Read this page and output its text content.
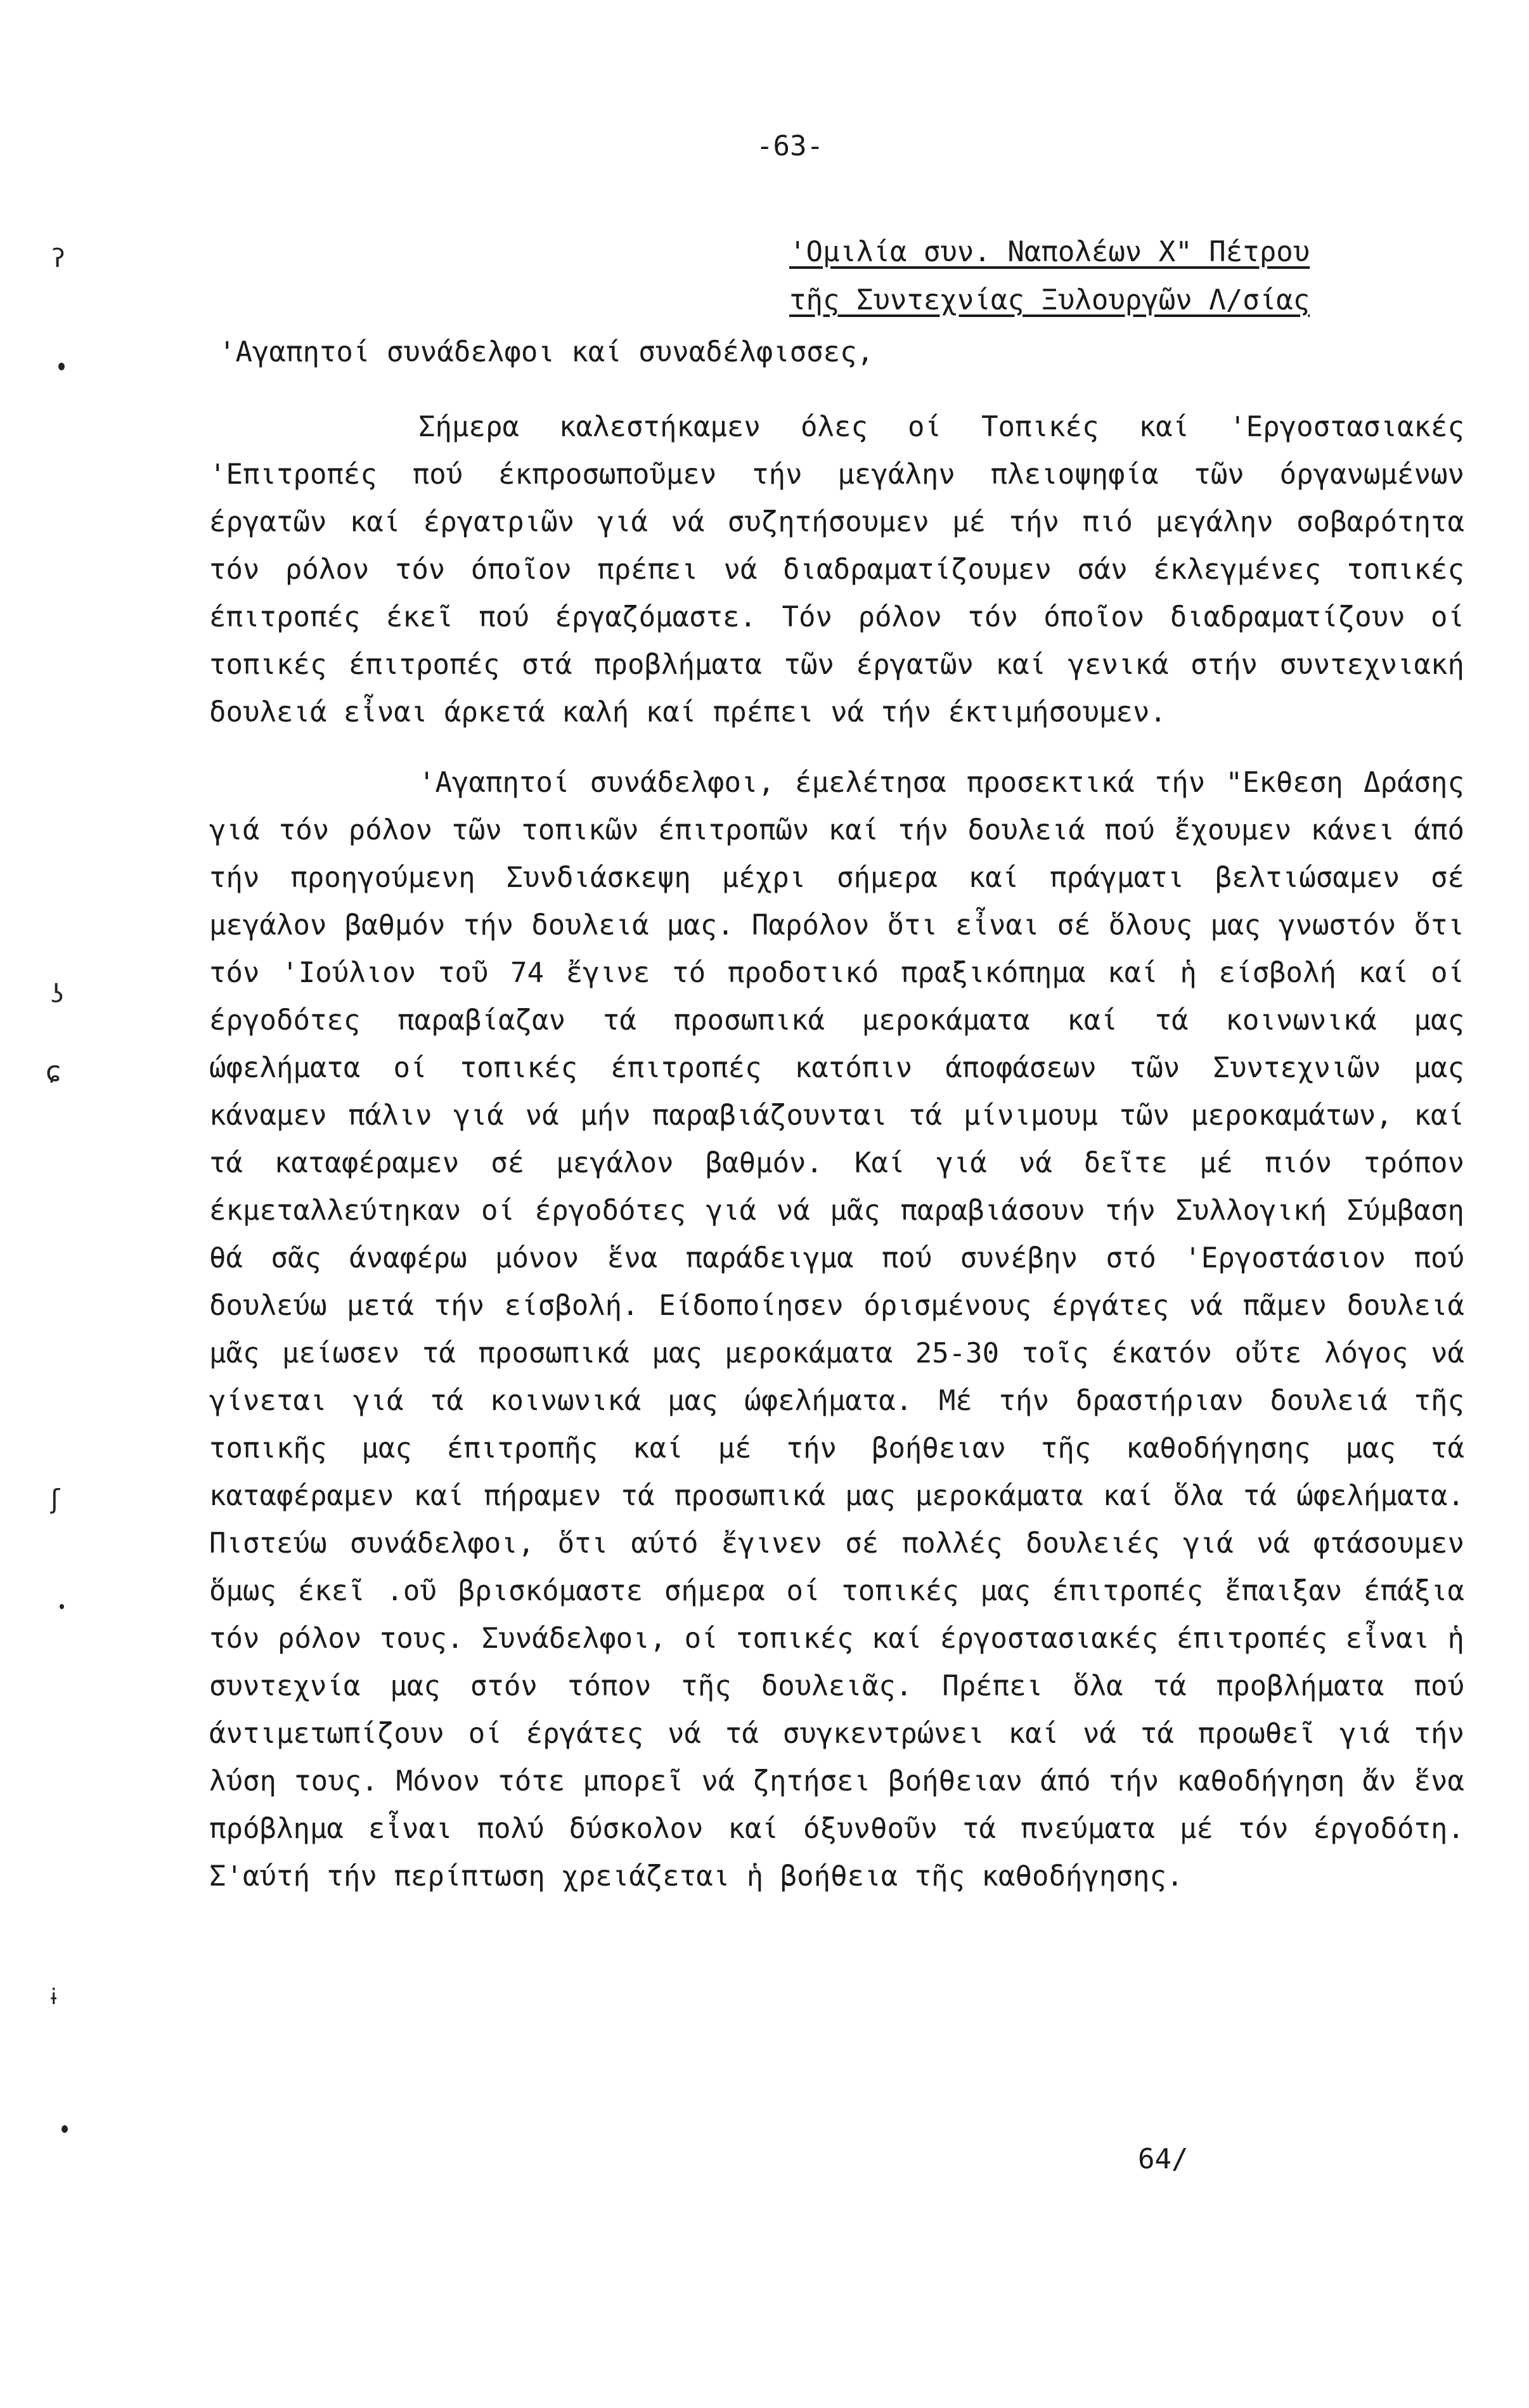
-63-
'Ομιλία συν. Ναπολέων Χ" Πέτρου
τῆς Συντεχνίας Ξυλουργῶν Λ/σίας
'Αγαπητοί συνάδελφοι καί συναδέλφισσες,

Σήμερα καλεστήκαμεν όλες οί Τοπικές καί 'Εργοστασιακές 'Επιτροπές πού έκπροσωποῦμεν τήν μεγάλην πλειοψηφία τῶν όργανωμένων έργατῶν καί έργατριῶν γιά νά συζητήσουμεν μέ τήν πιό μεγάλην σοβαρότητα τόν ρόλον τόν όποῖον πρέπει νά διαδραματίζουμεν σάν έκλεγμένες τοπικές έπιτροπές έκεῖ πού έργαζόμαστε. Τόν ρόλον τόν όποῖον διαδραματίζουν οί τοπικές έπιτροπές στά προβλήματα τῶν έργατῶν καί γενικά στήν συντεχνιακή δουλειά εἶναι άρκετά καλή καί πρέπει νά τήν έκτιμήσουμεν.

'Αγαπητοί συνάδελφοι, έμελέτησα προσεκτικά τήν "Εκθεση Δράσης γιά τόν ρόλον τῶν τοπικῶν έπιτροπῶν καί τήν δουλειά πού ἔχουμεν κάνει άπό τήν προηγούμενη Συνδιάσκεψη μέχρι σήμερα καί πράγματι βελτιώσαμεν σέ μεγάλον βαθμόν τήν δουλειά μας. Παρόλον ὅτι εἶναι σέ ὅλους μας γνωστόν ὅτι τόν 'Ιούλιον τοῦ 74 ἔγινε τό προδοτικό πραξικόπημα καί ἡ είσβολή καί οί έργοδότες παραβίαζαν τά προσωπικά μεροκάματα καί τά κοινωνικά μας ώφελήματα οί τοπικές έπιτροπές κατόπιν άποφάσεων τῶν Συντεχνιῶν μας κάναμεν πάλιν γιά νά μήν παραβιάζουνται τά μίνιμουμ τῶν μεροκαμάτων, καί τά καταφέραμεν σέ μεγάλον βαθμόν. Καί γιά νά δεῖτε μέ πιόν τρόπον έκμεταλλεύτηκαν οί έργοδότες γιά νά μᾶς παραβιάσουν τήν Συλλογική Σύμβαση θά σᾶς άναφέρω μόνον ἕνα παράδειγμα πού συνέβην στό 'Εργοστάσιον πού δουλεύω μετά τήν είσβολή. Είδοποίησεν όρισμένους έργάτες νά πᾶμεν δουλειά μᾶς μείωσεν τά προσωπικά μας μεροκάματα 25-30 τοῖς έκατόν οὔτε λόγος νά γίνεται γιά τά κοινωνικά μας ώφελήματα. Μέ τήν δραστήριαν δουλειά τῆς τοπικῆς μας έπιτροπῆς καί μέ τήν βοήθειαν τῆς καθοδήγησης μας τά καταφέραμεν καί πήραμεν τά προσωπικά μας μεροκάματα καί ὅλα τά ώφελήματα. Πιστεύω συνάδελφοι, ὅτι αύτό ἔγινεν σέ πολλές δουλειές γιά νά φτάσουμεν ὅμως έκεῖ .οῦ βρισκόμαστε σήμερα οί τοπικές μας έπιτροπές ἔπαιξαν έπάξια τόν ρόλον τους. Συνάδελφοι, οί τοπικές καί έργοστασιακές έπιτροπές εἶναι ἡ συντεχνία μας στόν τόπον τῆς δουλειᾶς. Πρέπει ὅλα τά προβλήματα πού άντιμετωπίζουν οί έργάτες νά τά συγκεντρώνει καί νά τά προωθεῖ γιά τήν λύση τους. Μόνον τότε μπορεῖ νά ζητήσει βοήθειαν άπό τήν καθοδήγηση ἄν ἕνα πρόβλημα εἶναι πολύ δύσκολον καί όξυνθοῦν τά πνεύματα μέ τόν έργοδότη. Σ'αύτή τήν περίπτωση χρειάζεται ἡ βοήθεια τῆς καθοδήγησης.

64/
ʔ
ʖ
ɕ
ʃ
ɨ
